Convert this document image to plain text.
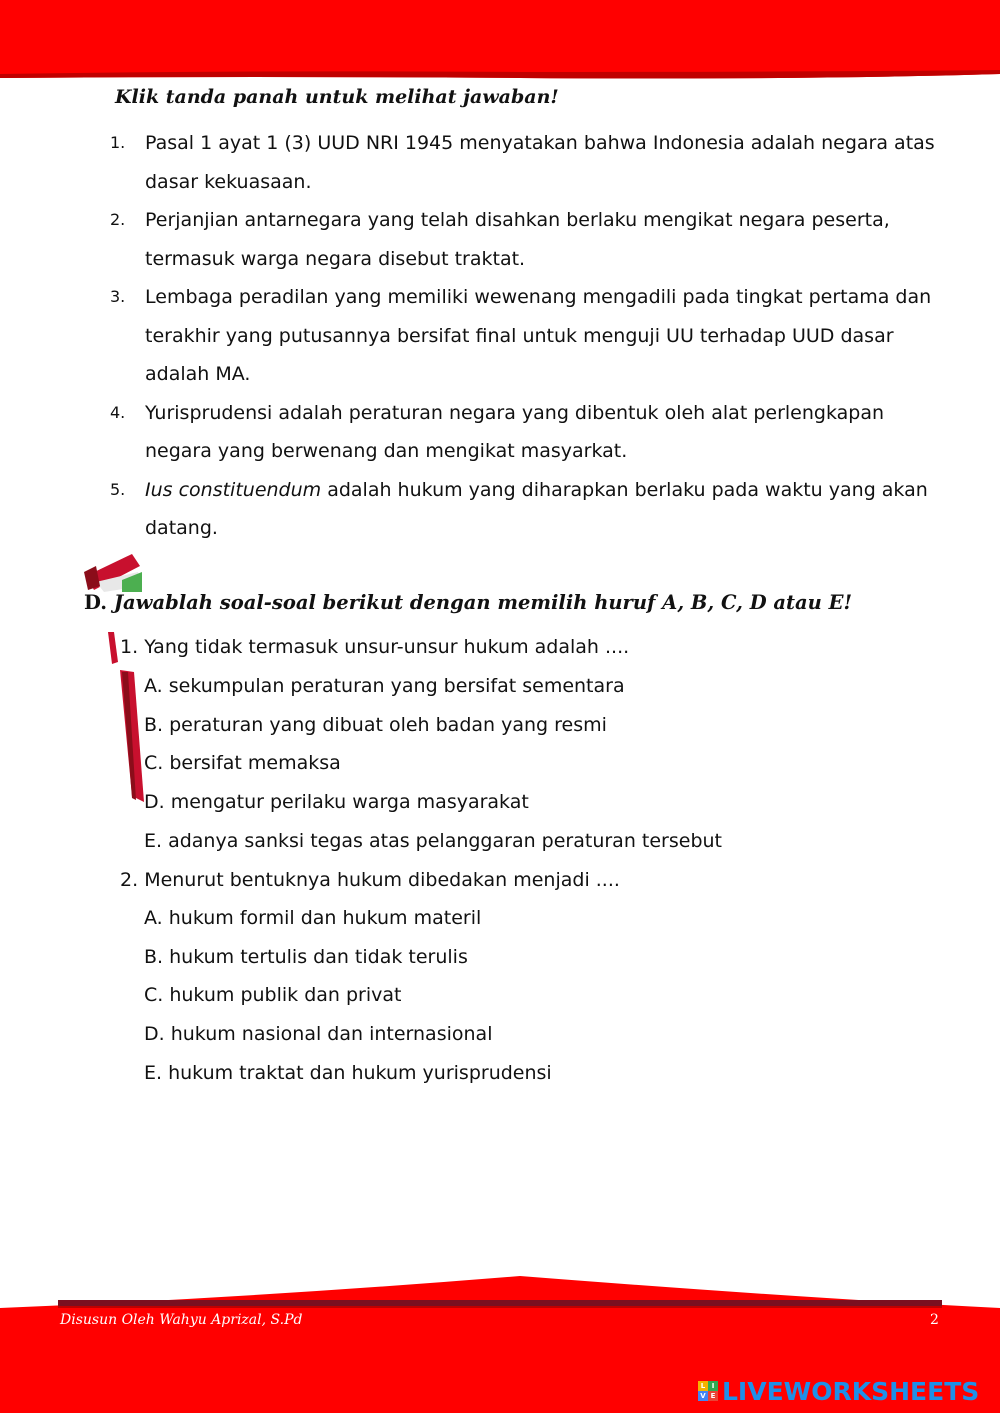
Klik tanda panah untuk melihat jawaban!
1. Pasal 1 ayat 1 (3) UUD NRI 1945 menyatakan bahwa Indonesia adalah negara atas dasar kekuasaan.
2. Perjanjian antarnegara yang telah disahkan berlaku mengikat negara peserta, termasuk warga negara disebut traktat.
3. Lembaga peradilan yang memiliki wewenang mengadili pada tingkat pertama dan terakhir yang putusannya bersifat final untuk menguji UU terhadap UUD dasar adalah MA.
4. Yurisprudensi adalah peraturan negara yang dibentuk oleh alat perlengkapan negara yang berwenang dan mengikat masyarkat.
5. Ius constituendum adalah hukum yang diharapkan berlaku pada waktu yang akan datang.
D. Jawablah soal-soal berikut dengan memilih huruf A, B, C, D atau E!
1. Yang tidak termasuk unsur-unsur hukum adalah ....
A. sekumpulan peraturan yang bersifat sementara
B. peraturan yang dibuat oleh badan yang resmi
C. bersifat memaksa
D. mengatur perilaku warga masyarakat
E. adanya sanksi tegas atas pelanggaran peraturan tersebut
2. Menurut bentuknya hukum dibedakan menjadi ....
A. hukum formil dan hukum materil
B. hukum tertulis dan tidak terulis
C. hukum publik dan privat
D. hukum nasional dan internasional
E. hukum traktat dan hukum yurisprudensi
Disusun Oleh Wahyu Aprizal, S.Pd	2
L I
V E LIVEWORKSHEETS
